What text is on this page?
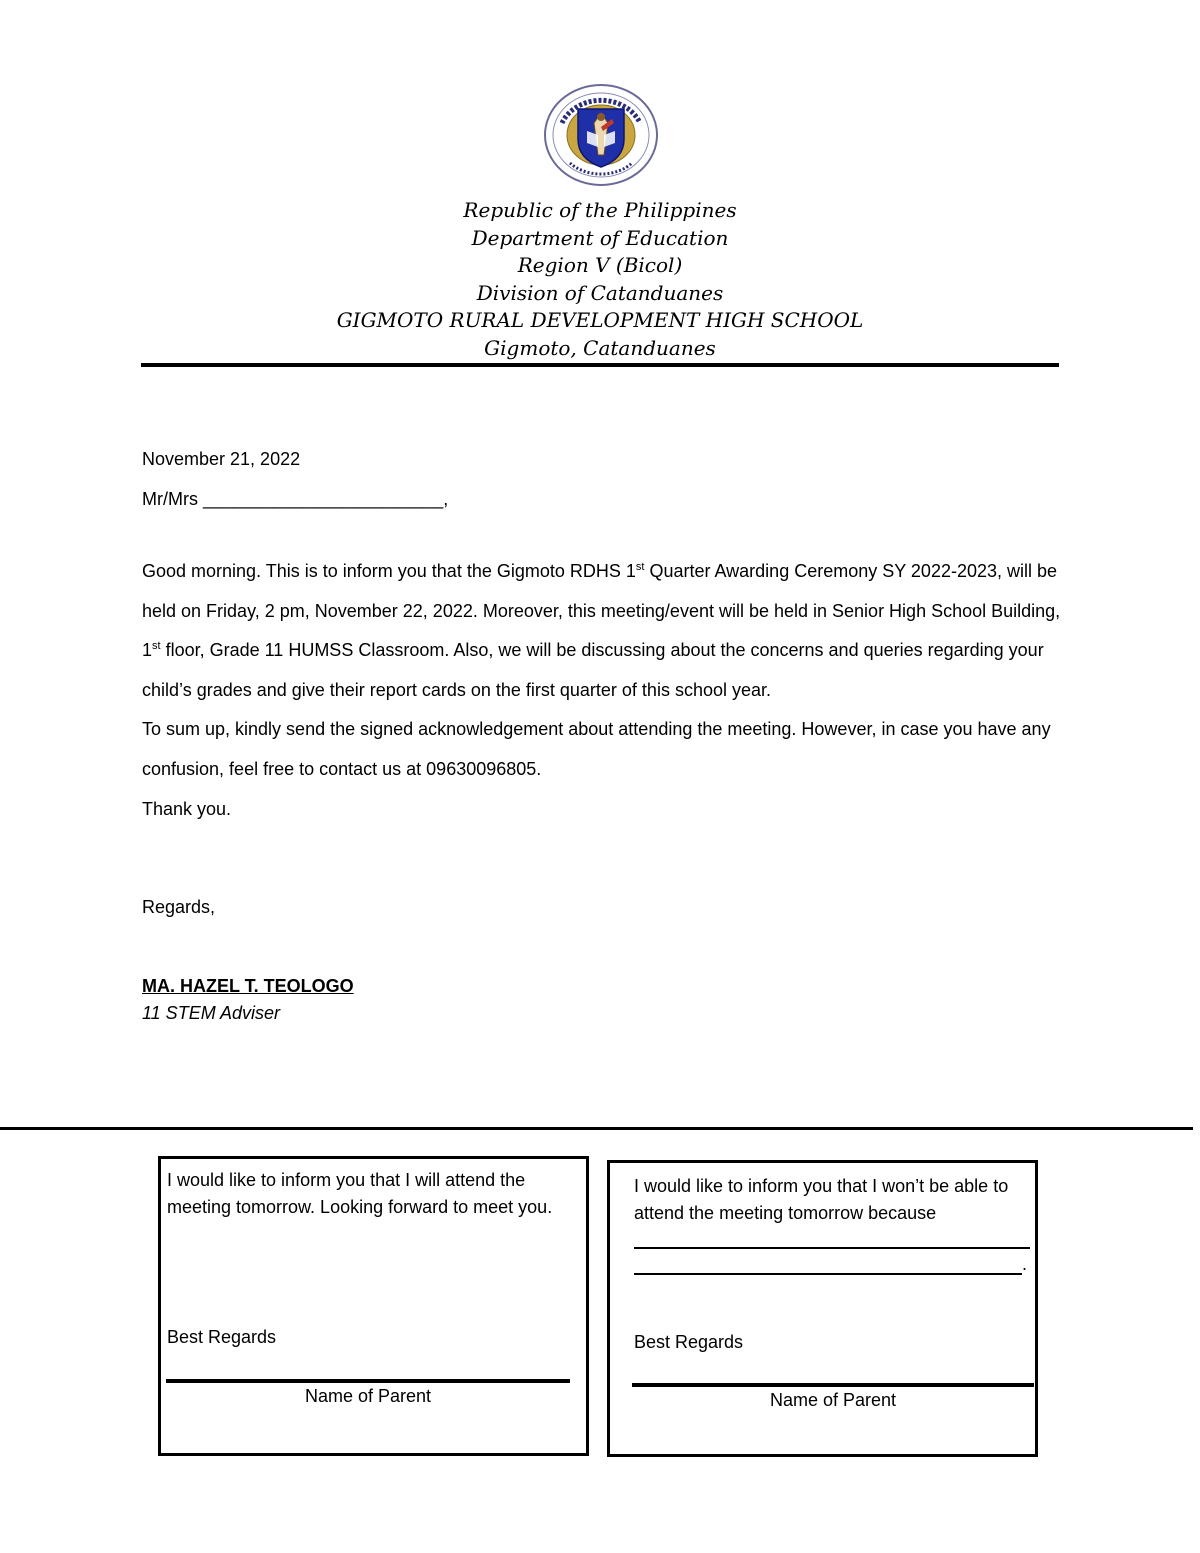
Republic of the Philippines
Department of Education
Region V (Bicol)
Division of Catanduanes
GIGMOTO RURAL DEVELOPMENT HIGH SCHOOL
Gigmoto, Catanduanes
November 21, 2022
Mr/Mrs ________________________,

Good morning. This is to inform you that the Gigmoto RDHS 1st Quarter Awarding Ceremony SY 2022-2023, will be held on Friday, 2 pm, November 22, 2022. Moreover, this meeting/event will be held in Senior High School Building, 1st floor, Grade 11 HUMSS Classroom. Also, we will be discussing about the concerns and queries regarding your child’s grades and give their report cards on the first quarter of this school year.

To sum up, kindly send the signed acknowledgement about attending the meeting. However, in case you have any confusion, feel free to contact us at 09630096805.

Thank you.

Regards,
MA. HAZEL T. TEOLOGO
11 STEM Adviser
I would like to inform you that I will attend the meeting tomorrow. Looking forward to meet you.
Best Regards
Name of Parent
I would like to inform you that I won’t be able to attend the meeting tomorrow because
.
Best Regards
Name of Parent
